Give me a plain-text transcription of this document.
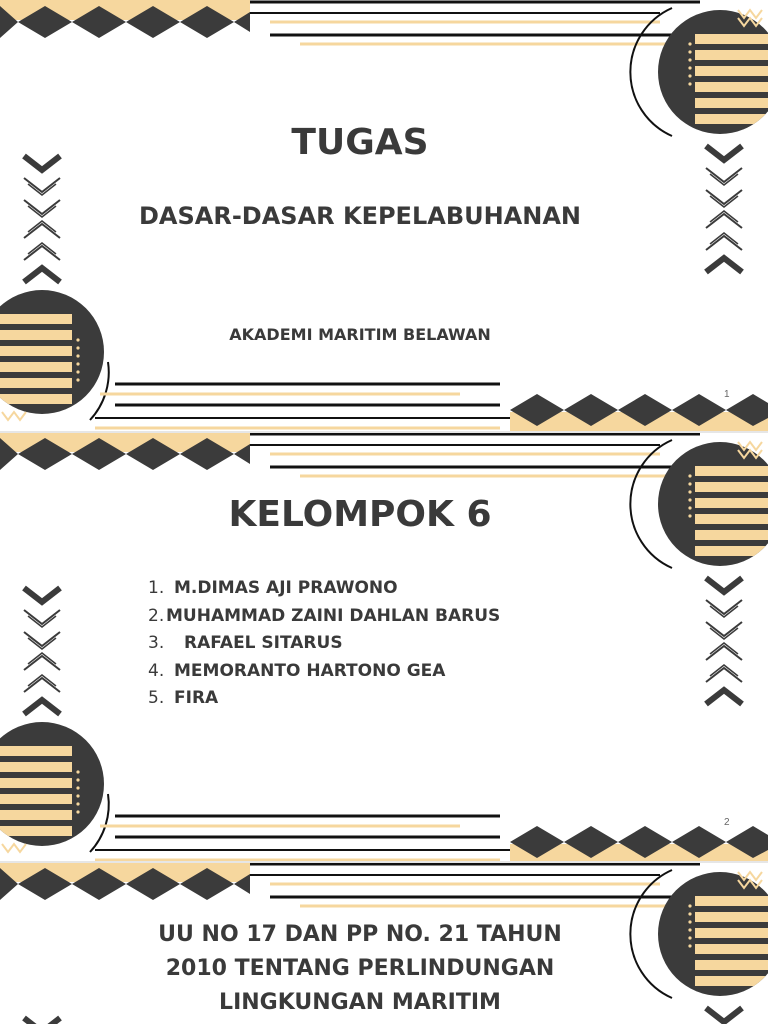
TUGAS
DASAR-DASAR KEPELABUHANAN
AKADEMI MARITIM BELAWAN
1
KELOMPOK 6
1. M.DIMAS AJI PRAWONO
2. MUHAMMAD ZAINI DAHLAN BARUS
3. RAFAEL SITARUS
4. MEMORANTO HARTONO GEA
5. FIRA
2
UU NO 17 DAN PP NO. 21 TAHUN
2010 TENTANG PERLINDUNGAN
LINGKUNGAN MARITIM
